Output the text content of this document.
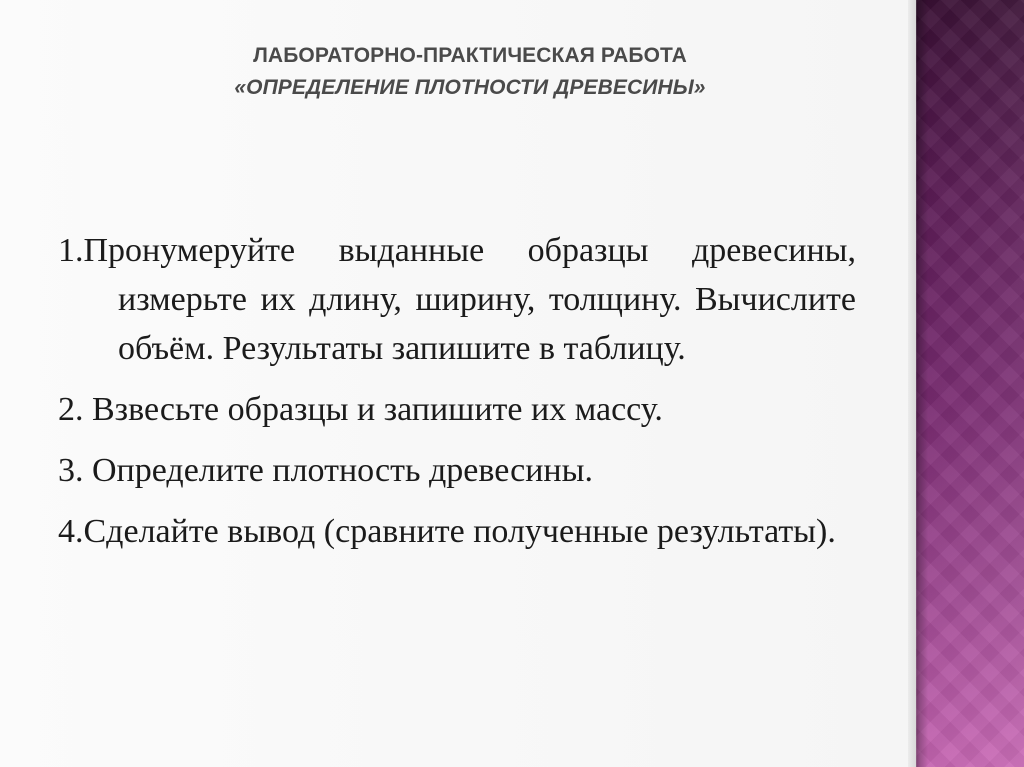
ЛАБОРАТОРНО-ПРАКТИЧЕСКАЯ РАБОТА
«ОПРЕДЕЛЕНИЕ ПЛОТНОСТИ ДРЕВЕСИНЫ»
1.Пронумеруйте выданные образцы древесины, измерьте их длину, ширину, толщину. Вычислите объём. Результаты запишите в таблицу.
2. Взвесьте образцы и запишите их массу.
3. Определите плотность древесины.
4.Сделайте вывод (сравните полученные результаты).
